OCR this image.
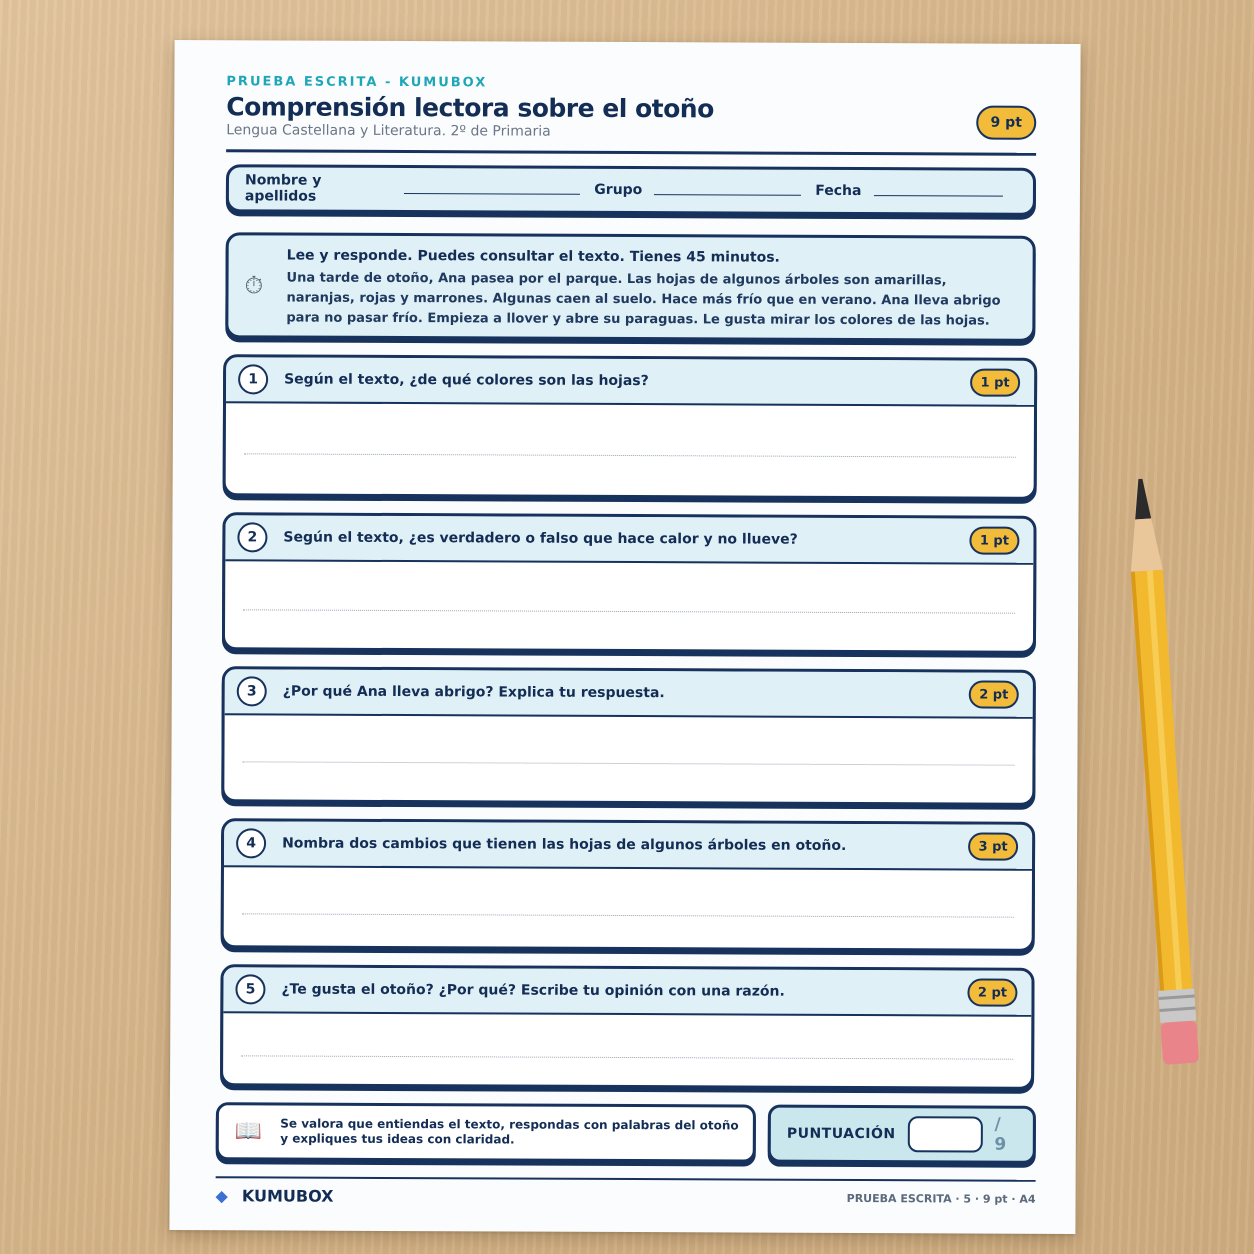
PRUEBA ESCRITA - KUMUBOX
Comprensión lectora sobre el otoño
Lengua Castellana y Literatura. 2º de Primaria	9 pt
Nombre y apellidos	Grupo	Fecha
⏱
Lee y responde. Puedes consultar el texto. Tienes 45 minutos.
Una tarde de otoño, Ana pasea por el parque. Las hojas de algunos árboles son amarillas, naranjas, rojas y marrones. Algunas caen al suelo. Hace más frío que en verano. Ana lleva abrigo para no pasar frío. Empieza a llover y abre su paraguas. Le gusta mirar los colores de las hojas.
1	Según el texto, ¿de qué colores son las hojas?	1 pt
2	Según el texto, ¿es verdadero o falso que hace calor y no llueve?	1 pt
3	¿Por qué Ana lleva abrigo? Explica tu respuesta.	2 pt
4	Nombra dos cambios que tienen las hojas de algunos árboles en otoño.	3 pt
5	¿Te gusta el otoño? ¿Por qué? Escribe tu opinión con una razón.	2 pt
📖 Se valora que entiendas el texto, respondas con palabras del otoño y expliques tus ideas con claridad.	PUNTUACIÓN	/ 9
◆ KUMUBOX	PRUEBA ESCRITA · 5 · 9 pt · A4
